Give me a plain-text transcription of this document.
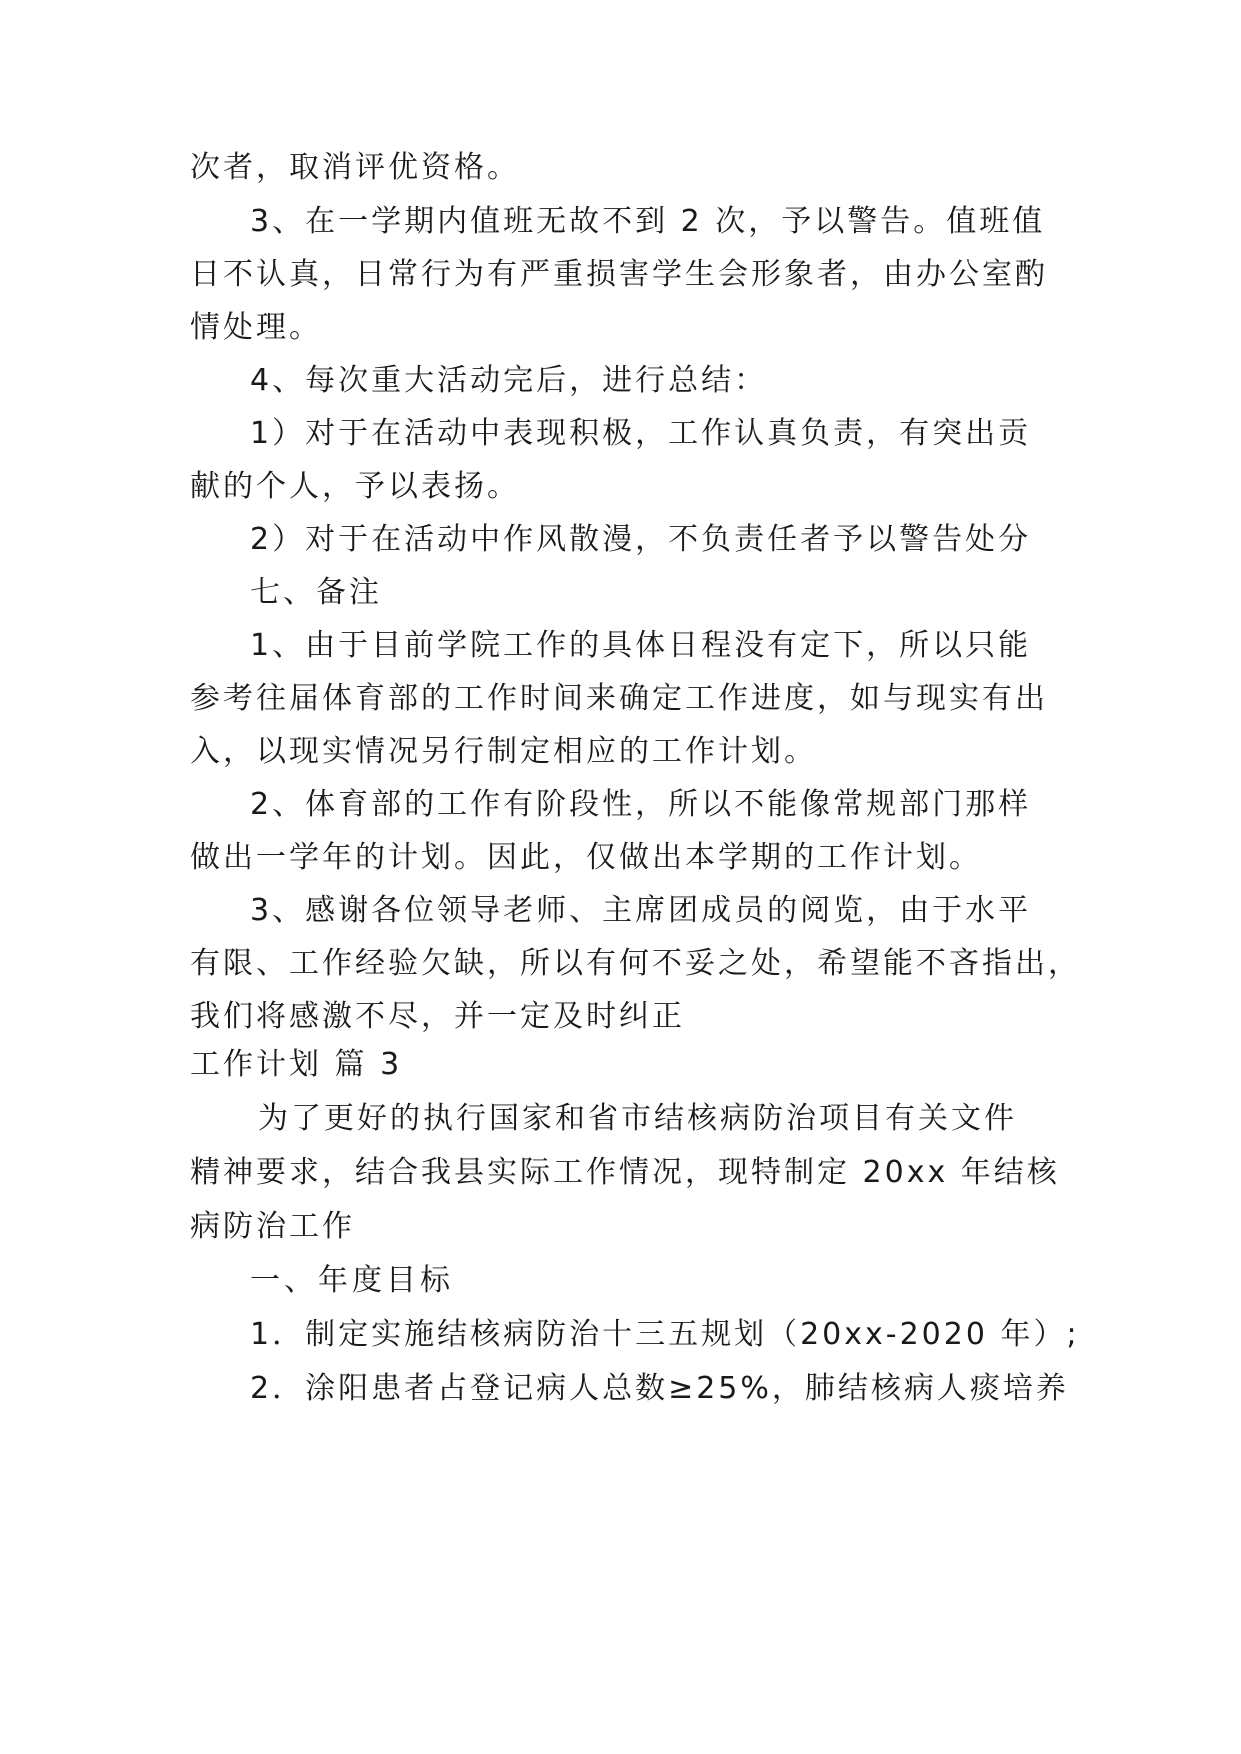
次者，取消评优资格。
3、在一学期内值班无故不到 2 次，予以警告。值班值
日不认真，日常行为有严重损害学生会形象者，由办公室酌
情处理。
4、每次重大活动完后，进行总结：
1）对于在活动中表现积极，工作认真负责，有突出贡
献的个人，予以表扬。
2）对于在活动中作风散漫，不负责任者予以警告处分
七、备注
1、由于目前学院工作的具体日程没有定下，所以只能
参考往届体育部的工作时间来确定工作进度，如与现实有出
入，以现实情况另行制定相应的工作计划。
2、体育部的工作有阶段性，所以不能像常规部门那样
做出一学年的计划。因此，仅做出本学期的工作计划。
3、感谢各位领导老师、主席团成员的阅览，由于水平
有限、工作经验欠缺，所以有何不妥之处，希望能不吝指出，
我们将感激不尽，并一定及时纠正
工作计划 篇 3
为了更好的执行国家和省市结核病防治项目有关文件
精神要求，结合我县实际工作情况，现特制定 20xx 年结核
病防治工作
一、年度目标
1．制定实施结核病防治十三五规划（20xx-2020 年）;
2．涂阳患者占登记病人总数≥25%，肺结核病人痰培养
